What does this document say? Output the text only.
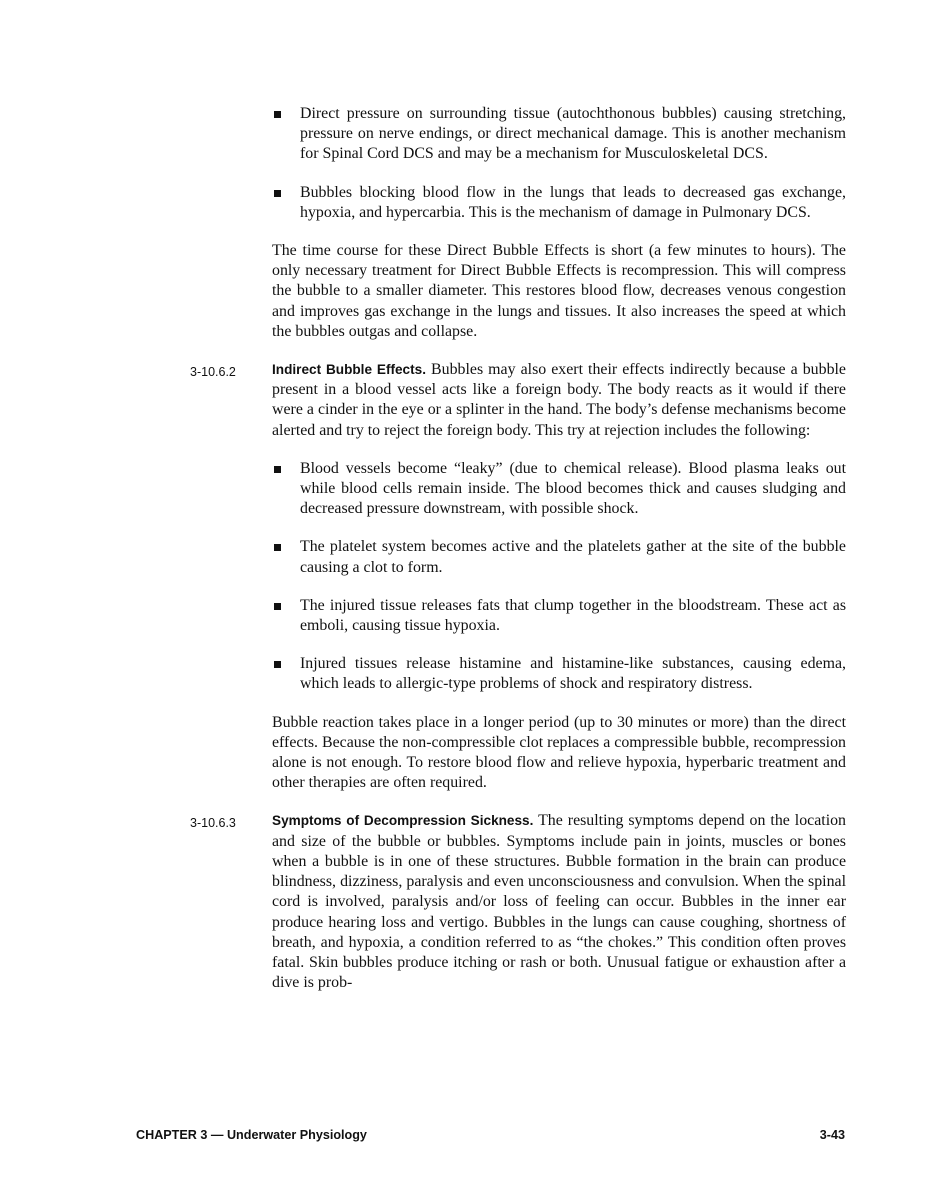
Direct pressure on surrounding tissue (autochthonous bubbles) causing stretching, pressure on nerve endings, or direct mechanical damage. This is another mechanism for Spinal Cord DCS and may be a mechanism for Musculoskeletal DCS.
Bubbles blocking blood flow in the lungs that leads to decreased gas exchange, hypoxia, and hypercarbia. This is the mechanism of damage in Pulmonary DCS.

The time course for these Direct Bubble Effects is short (a few minutes to hours). The only necessary treatment for Direct Bubble Effects is recompression. This will compress the bubble to a smaller diameter. This restores blood flow, decreases venous congestion and improves gas exchange in the lungs and tissues. It also increases the speed at which the bubbles outgas and collapse.

3-10.6.2	Indirect Bubble Effects. Bubbles may also exert their effects indirectly because a bubble present in a blood vessel acts like a foreign body. The body reacts as it would if there were a cinder in the eye or a splinter in the hand. The body’s defense mechanisms become alerted and try to reject the foreign body. This try at rejection includes the following:
Blood vessels become “leaky” (due to chemical release). Blood plasma leaks out while blood cells remain inside. The blood becomes thick and causes sludging and decreased pressure downstream, with possible shock.
The platelet system becomes active and the platelets gather at the site of the bubble causing a clot to form.
The injured tissue releases fats that clump together in the bloodstream. These act as emboli, causing tissue hypoxia.
Injured tissues release histamine and histamine-like substances, causing edema, which leads to allergic-type problems of shock and respiratory distress.

Bubble reaction takes place in a longer period (up to 30 minutes or more) than the direct effects. Because the non-compressible clot replaces a compressible bubble, recompression alone is not enough. To restore blood flow and relieve hypoxia, hyperbaric treatment and other therapies are often required.

3-10.6.3	Symptoms of Decompression Sickness. The resulting symptoms depend on the location and size of the bubble or bubbles. Symptoms include pain in joints, muscles or bones when a bubble is in one of these structures. Bubble formation in the brain can produce blindness, dizziness, paralysis and even unconsciousness and convulsion. When the spinal cord is involved, paralysis and/or loss of feeling can occur. Bubbles in the inner ear produce hearing loss and vertigo. Bubbles in the lungs can cause coughing, shortness of breath, and hypoxia, a condition referred to as “the chokes.” This condition often proves fatal. Skin bubbles produce itching or rash or both. Unusual fatigue or exhaustion after a dive is prob-
CHAPTER 3 — Underwater Physiology	3-43
